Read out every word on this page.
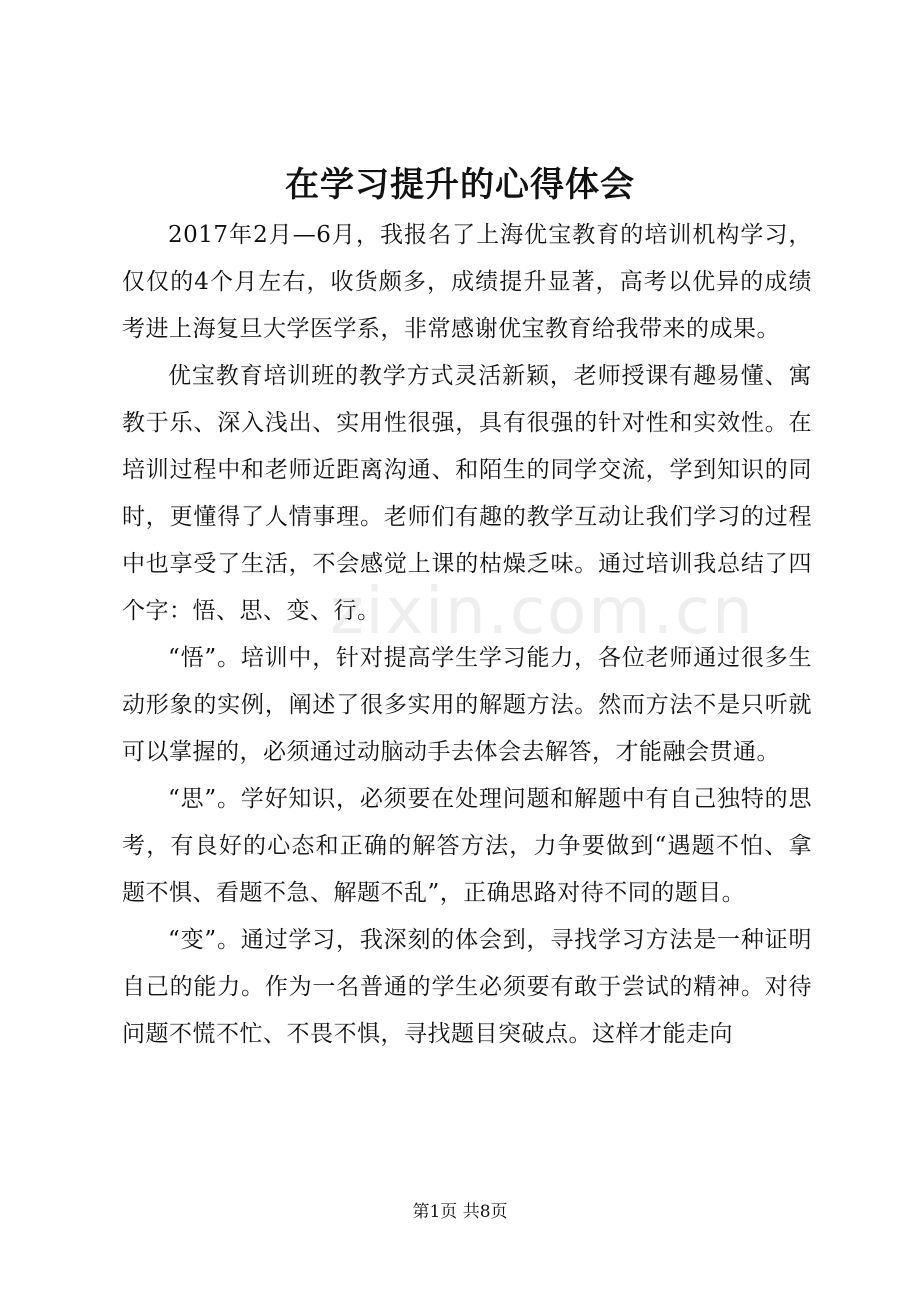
在学习提升的心得体会

2017年2月—6月，我报名了上海优宝教育的培训机构学习，仅仅的4个月左右，收货颇多，成绩提升显著，高考以优异的成绩考进上海复旦大学医学系，非常感谢优宝教育给我带来的成果。

优宝教育培训班的教学方式灵活新颖，老师授课有趣易懂、寓教于乐、深入浅出、实用性很强，具有很强的针对性和实效性。在培训过程中和老师近距离沟通、和陌生的同学交流，学到知识的同时，更懂得了人情事理。老师们有趣的教学互动让我们学习的过程中也享受了生活，不会感觉上课的枯燥乏味。通过培训我总结了四个字：悟、思、变、行。

“悟”。培训中，针对提高学生学习能力，各位老师通过很多生动形象的实例，阐述了很多实用的解题方法。然而方法不是只听就可以掌握的，必须通过动脑动手去体会去解答，才能融会贯通。

“思”。学好知识，必须要在处理问题和解题中有自己独特的思考，有良好的心态和正确的解答方法，力争要做到“遇题不怕、拿题不惧、看题不急、解题不乱”，正确思路对待不同的题目。

“变”。通过学习，我深刻的体会到，寻找学习方法是一种证明自己的能力。作为一名普通的学生必须要有敢于尝试的精神。对待问题不慌不忙、不畏不惧，寻找题目突破点。这样才能走向

zixin.com.cn
第1页 共8页
